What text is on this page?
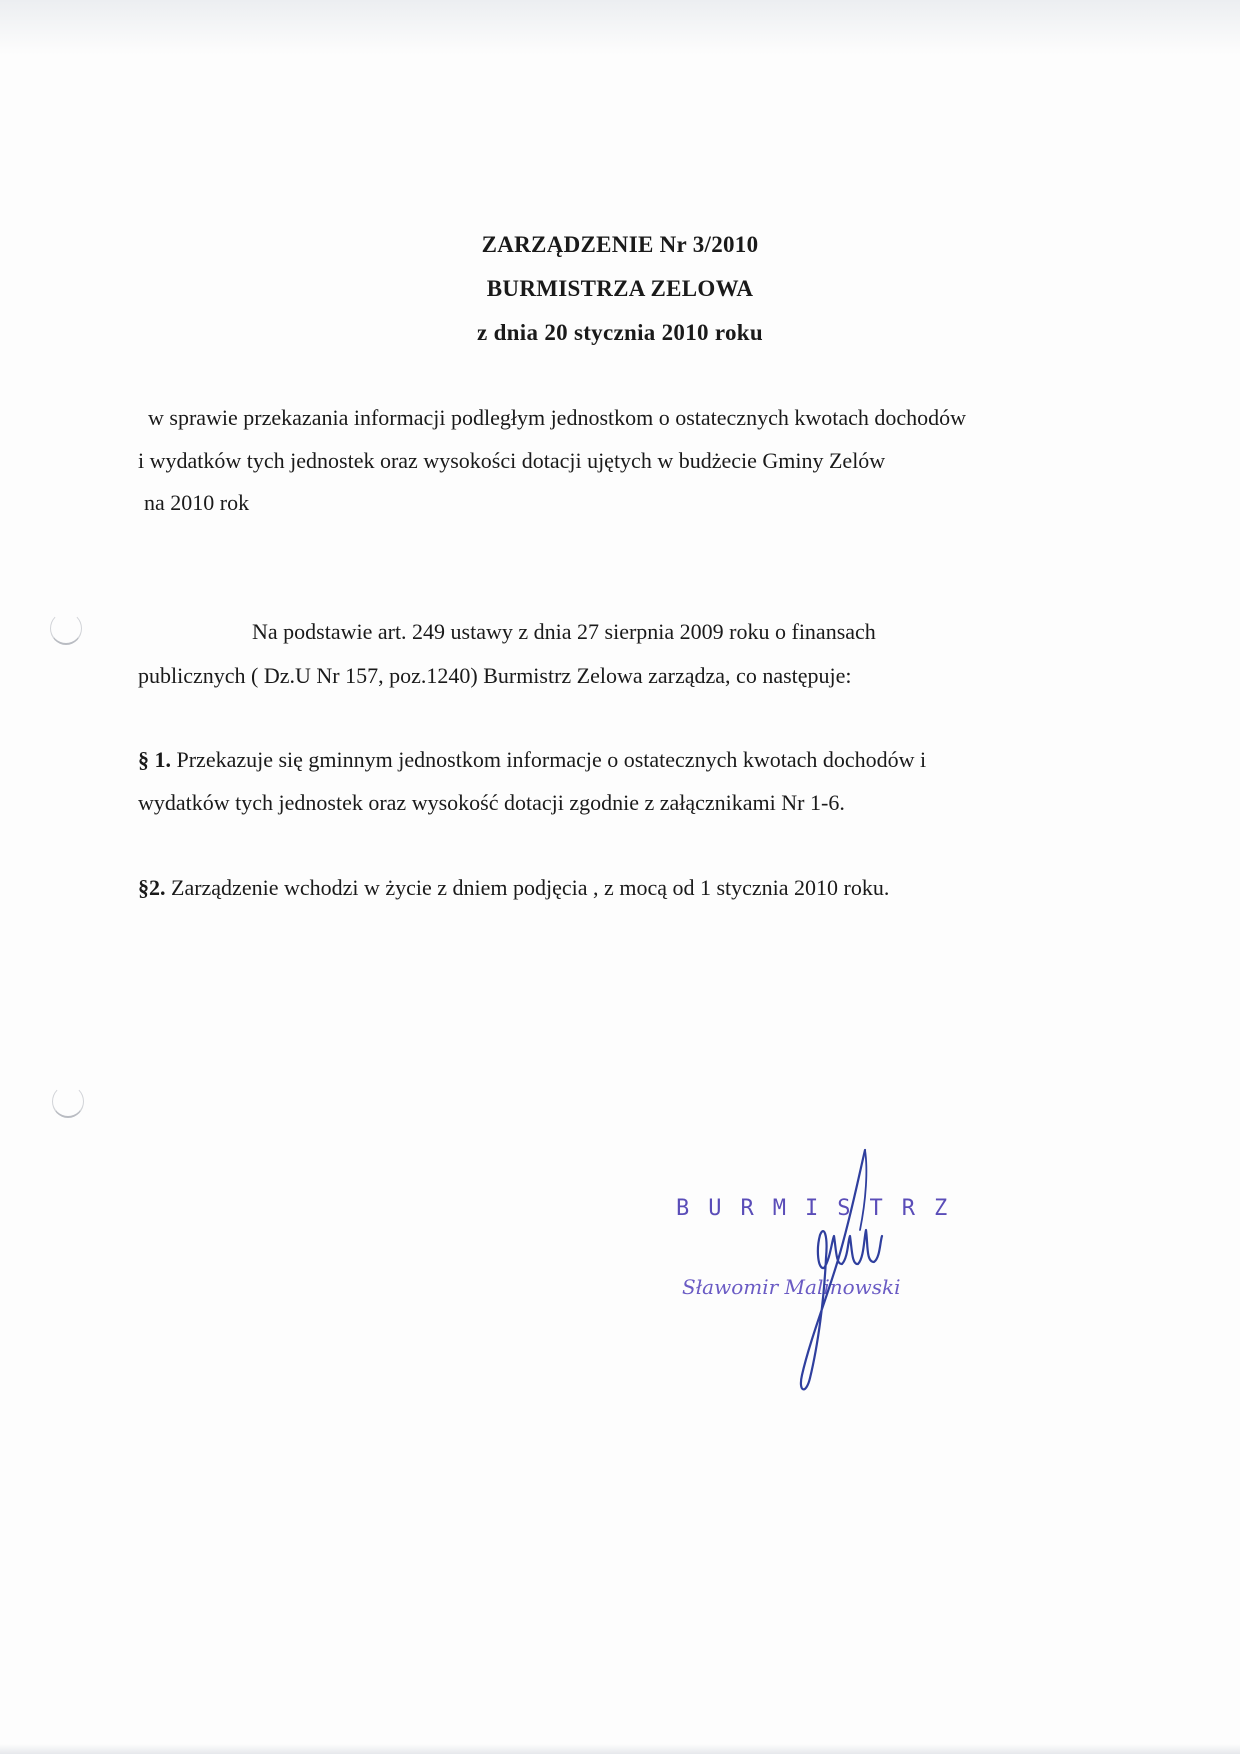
ZARZĄDZENIE Nr 3/2010
BURMISTRZA ZELOWA
z dnia 20 stycznia 2010 roku
w sprawie przekazania informacji podległym jednostkom o ostatecznych kwotach dochodów
i wydatków tych jednostek oraz wysokości dotacji ujętych w budżecie Gminy Zelów
na 2010 rok
Na podstawie art. 249 ustawy z dnia 27 sierpnia 2009 roku o finansach
publicznych ( Dz.U Nr 157, poz.1240) Burmistrz Zelowa zarządza, co następuje:
§ 1. Przekazuje się gminnym jednostkom informacje o ostatecznych kwotach dochodów i
wydatków tych jednostek oraz wysokość dotacji zgodnie z załącznikami Nr 1-6.
§2. Zarządzenie wchodzi w życie z dniem podjęcia , z mocą od 1 stycznia 2010 roku.
BURMISTRZ
Sławomir Malinowski
